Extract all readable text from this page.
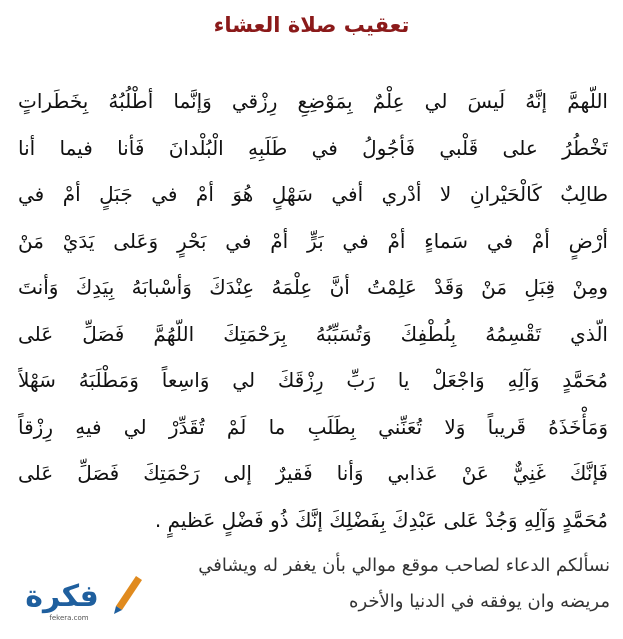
تعقيب صلاة العشاء
اللّهمَّ إنَّهُ لَيسَ لي عِلْمٌ بِمَوْضِعِ رِزْقي وَإنَّما أطْلُبُهُ بِخَطَراتٍ
تَخْطُرُ على قَلْبي فَأجُولُ في طَلَبِهِ الْبُلْدانَ فَأنا فيما أنا
طالِبٌ كَالْحَيْرانِ لا أدْري أفي سَهْلٍ هُوَ أمْ في جَبَلٍ أمْ في
أرْضٍ أمْ في سَماءٍ أمْ في بَرٍّ أمْ في بَحْرٍ وَعَلى يَدَيْ مَنْ
ومِنْ قِبَلِ مَنْ وَقَدْ عَلِمْتُ أنَّ عِلْمَهُ عِنْدَكَ وَأسْبابَهُ بِيَدِكَ وَأنتَ
الّذي تَقْسِمُهُ بِلُطْفِكَ وَتُسَبِّبُهُ بِرَحْمَتِكَ اللّهُمَّ فَصَلِّ عَلى
مُحَمَّدٍ وَآلِهِ وَاجْعَلْ يا رَبِّ رِزْقَكَ لي وَاسِعاً وَمَطْلَبَهُ سَهْلاً
وَمَأْخَذَهُ قَريباً وَلا تُعَنِّني بِطَلَبِ ما لَمْ تُقَدِّرْ لي فيهِ رِزْقاً
فَإنَّكَ غَنِيٌّ عَنْ عَذابي وَأنا فَقيرٌ إلى رَحْمَتِكَ فَصَلِّ عَلى
مُحَمَّدٍ وَآلِهِ وَجُدْ عَلى عَبْدِكَ بِفَضْلِكَ إنَّكَ ذُو فَضْلٍ عَظيمٍ .
نسألكم الدعاء لصاحب موقع موالي بأن يغفر له ويشافي
مريضه وان يوفقه في الدنيا والأخره
فكرة
fekera.com
